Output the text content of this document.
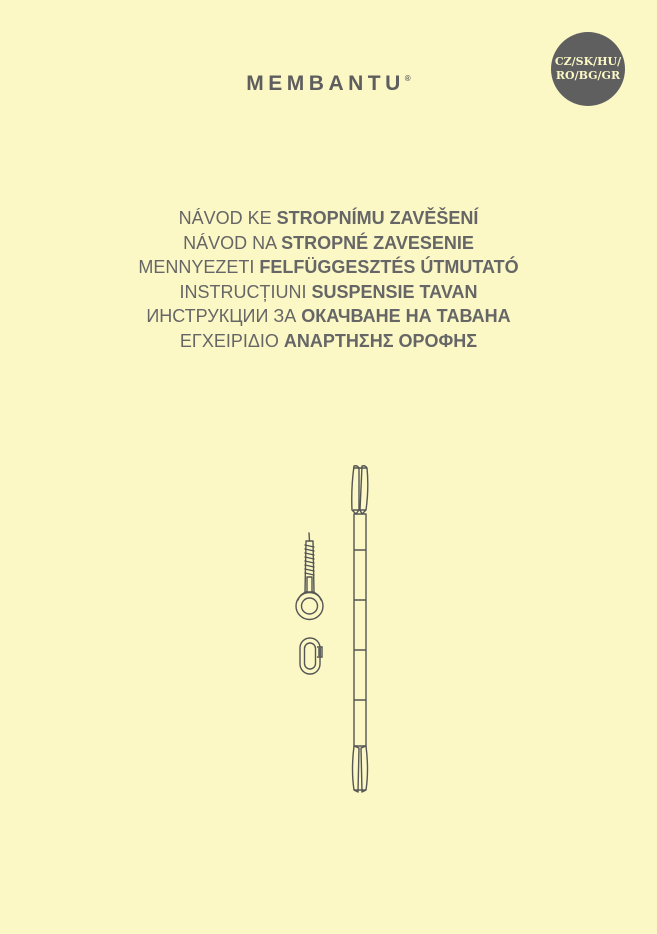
MEMBANTU®
CZ/SK/HU/
RO/BG/GR
NÁVOD KE STROPNÍMU ZAVĚŠENÍ
NÁVOD NA STROPNÉ ZAVESENIE
MENNYEZETI FELFÜGGESZTÉS ÚTMUTATÓ
INSTRUCȚIUNI SUSPENSIE TAVAN
ИНСТРУКЦИИ ЗА ОКАЧВАНЕ НА ТАВАНА
ΕΓΧΕΙΡΙΔΙΟ ΑΝΑΡΤΗΣΗΣ ΟΡΟΦΗΣ
